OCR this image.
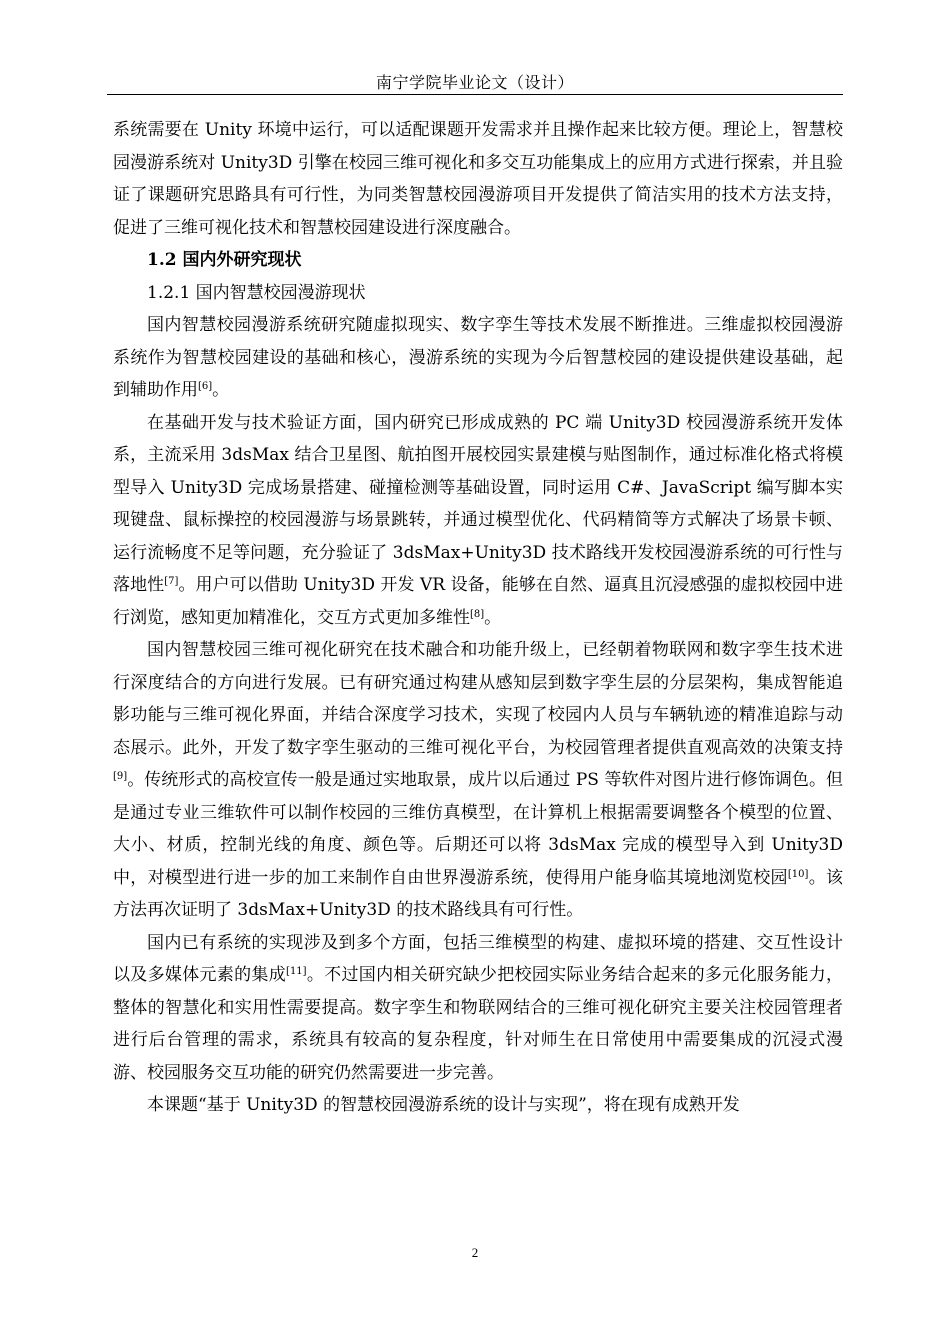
南宁学院毕业论文（设计）

系统需要在 Unity 环境中运行，可以适配课题开发需求并且操作起来比较方便。理论上，智慧校园漫游系统对 Unity3D 引擎在校园三维可视化和多交互功能集成上的应用方式进行探索，并且验证了课题研究思路具有可行性，为同类智慧校园漫游项目开发提供了简洁实用的技术方法支持，促进了三维可视化技术和智慧校园建设进行深度融合。

1.2 国内外研究现状

1.2.1 国内智慧校园漫游现状

国内智慧校园漫游系统研究随虚拟现实、数字孪生等技术发展不断推进。三维虚拟校园漫游系统作为智慧校园建设的基础和核心，漫游系统的实现为今后智慧校园的建设提供建设基础，起到辅助作用[6]。

在基础开发与技术验证方面，国内研究已形成成熟的 PC 端 Unity3D 校园漫游系统开发体系，主流采用 3dsMax 结合卫星图、航拍图开展校园实景建模与贴图制作，通过标准化格式将模型导入 Unity3D 完成场景搭建、碰撞检测等基础设置，同时运用 C#、JavaScript 编写脚本实现键盘、鼠标操控的校园漫游与场景跳转，并通过模型优化、代码精简等方式解决了场景卡顿、运行流畅度不足等问题，充分验证了 3dsMax+Unity3D 技术路线开发校园漫游系统的可行性与落地性[7]。用户可以借助 Unity3D 开发 VR 设备，能够在自然、逼真且沉浸感强的虚拟校园中进行浏览，感知更加精准化，交互方式更加多维性[8]。

国内智慧校园三维可视化研究在技术融合和功能升级上，已经朝着物联网和数字孪生技术进行深度结合的方向进行发展。已有研究通过构建从感知层到数字孪生层的分层架构，集成智能追影功能与三维可视化界面，并结合深度学习技术，实现了校园内人员与车辆轨迹的精准追踪与动态展示。此外，开发了数字孪生驱动的三维可视化平台，为校园管理者提供直观高效的决策支持[9]。传统形式的高校宣传一般是通过实地取景，成片以后通过 PS 等软件对图片进行修饰调色。但是通过专业三维软件可以制作校园的三维仿真模型，在计算机上根据需要调整各个模型的位置、大小、材质，控制光线的角度、颜色等。后期还可以将 3dsMax 完成的模型导入到 Unity3D 中，对模型进行进一步的加工来制作自由世界漫游系统，使得用户能身临其境地浏览校园[10]。该方法再次证明了 3dsMax+Unity3D 的技术路线具有可行性。

国内已有系统的实现涉及到多个方面，包括三维模型的构建、虚拟环境的搭建、交互性设计以及多媒体元素的集成[11]。不过国内相关研究缺少把校园实际业务结合起来的多元化服务能力，整体的智慧化和实用性需要提高。数字孪生和物联网结合的三维可视化研究主要关注校园管理者进行后台管理的需求，系统具有较高的复杂程度，针对师生在日常使用中需要集成的沉浸式漫游、校园服务交互功能的研究仍然需要进一步完善。

本课题“基于 Unity3D 的智慧校园漫游系统的设计与实现”，将在现有成熟开发

2
